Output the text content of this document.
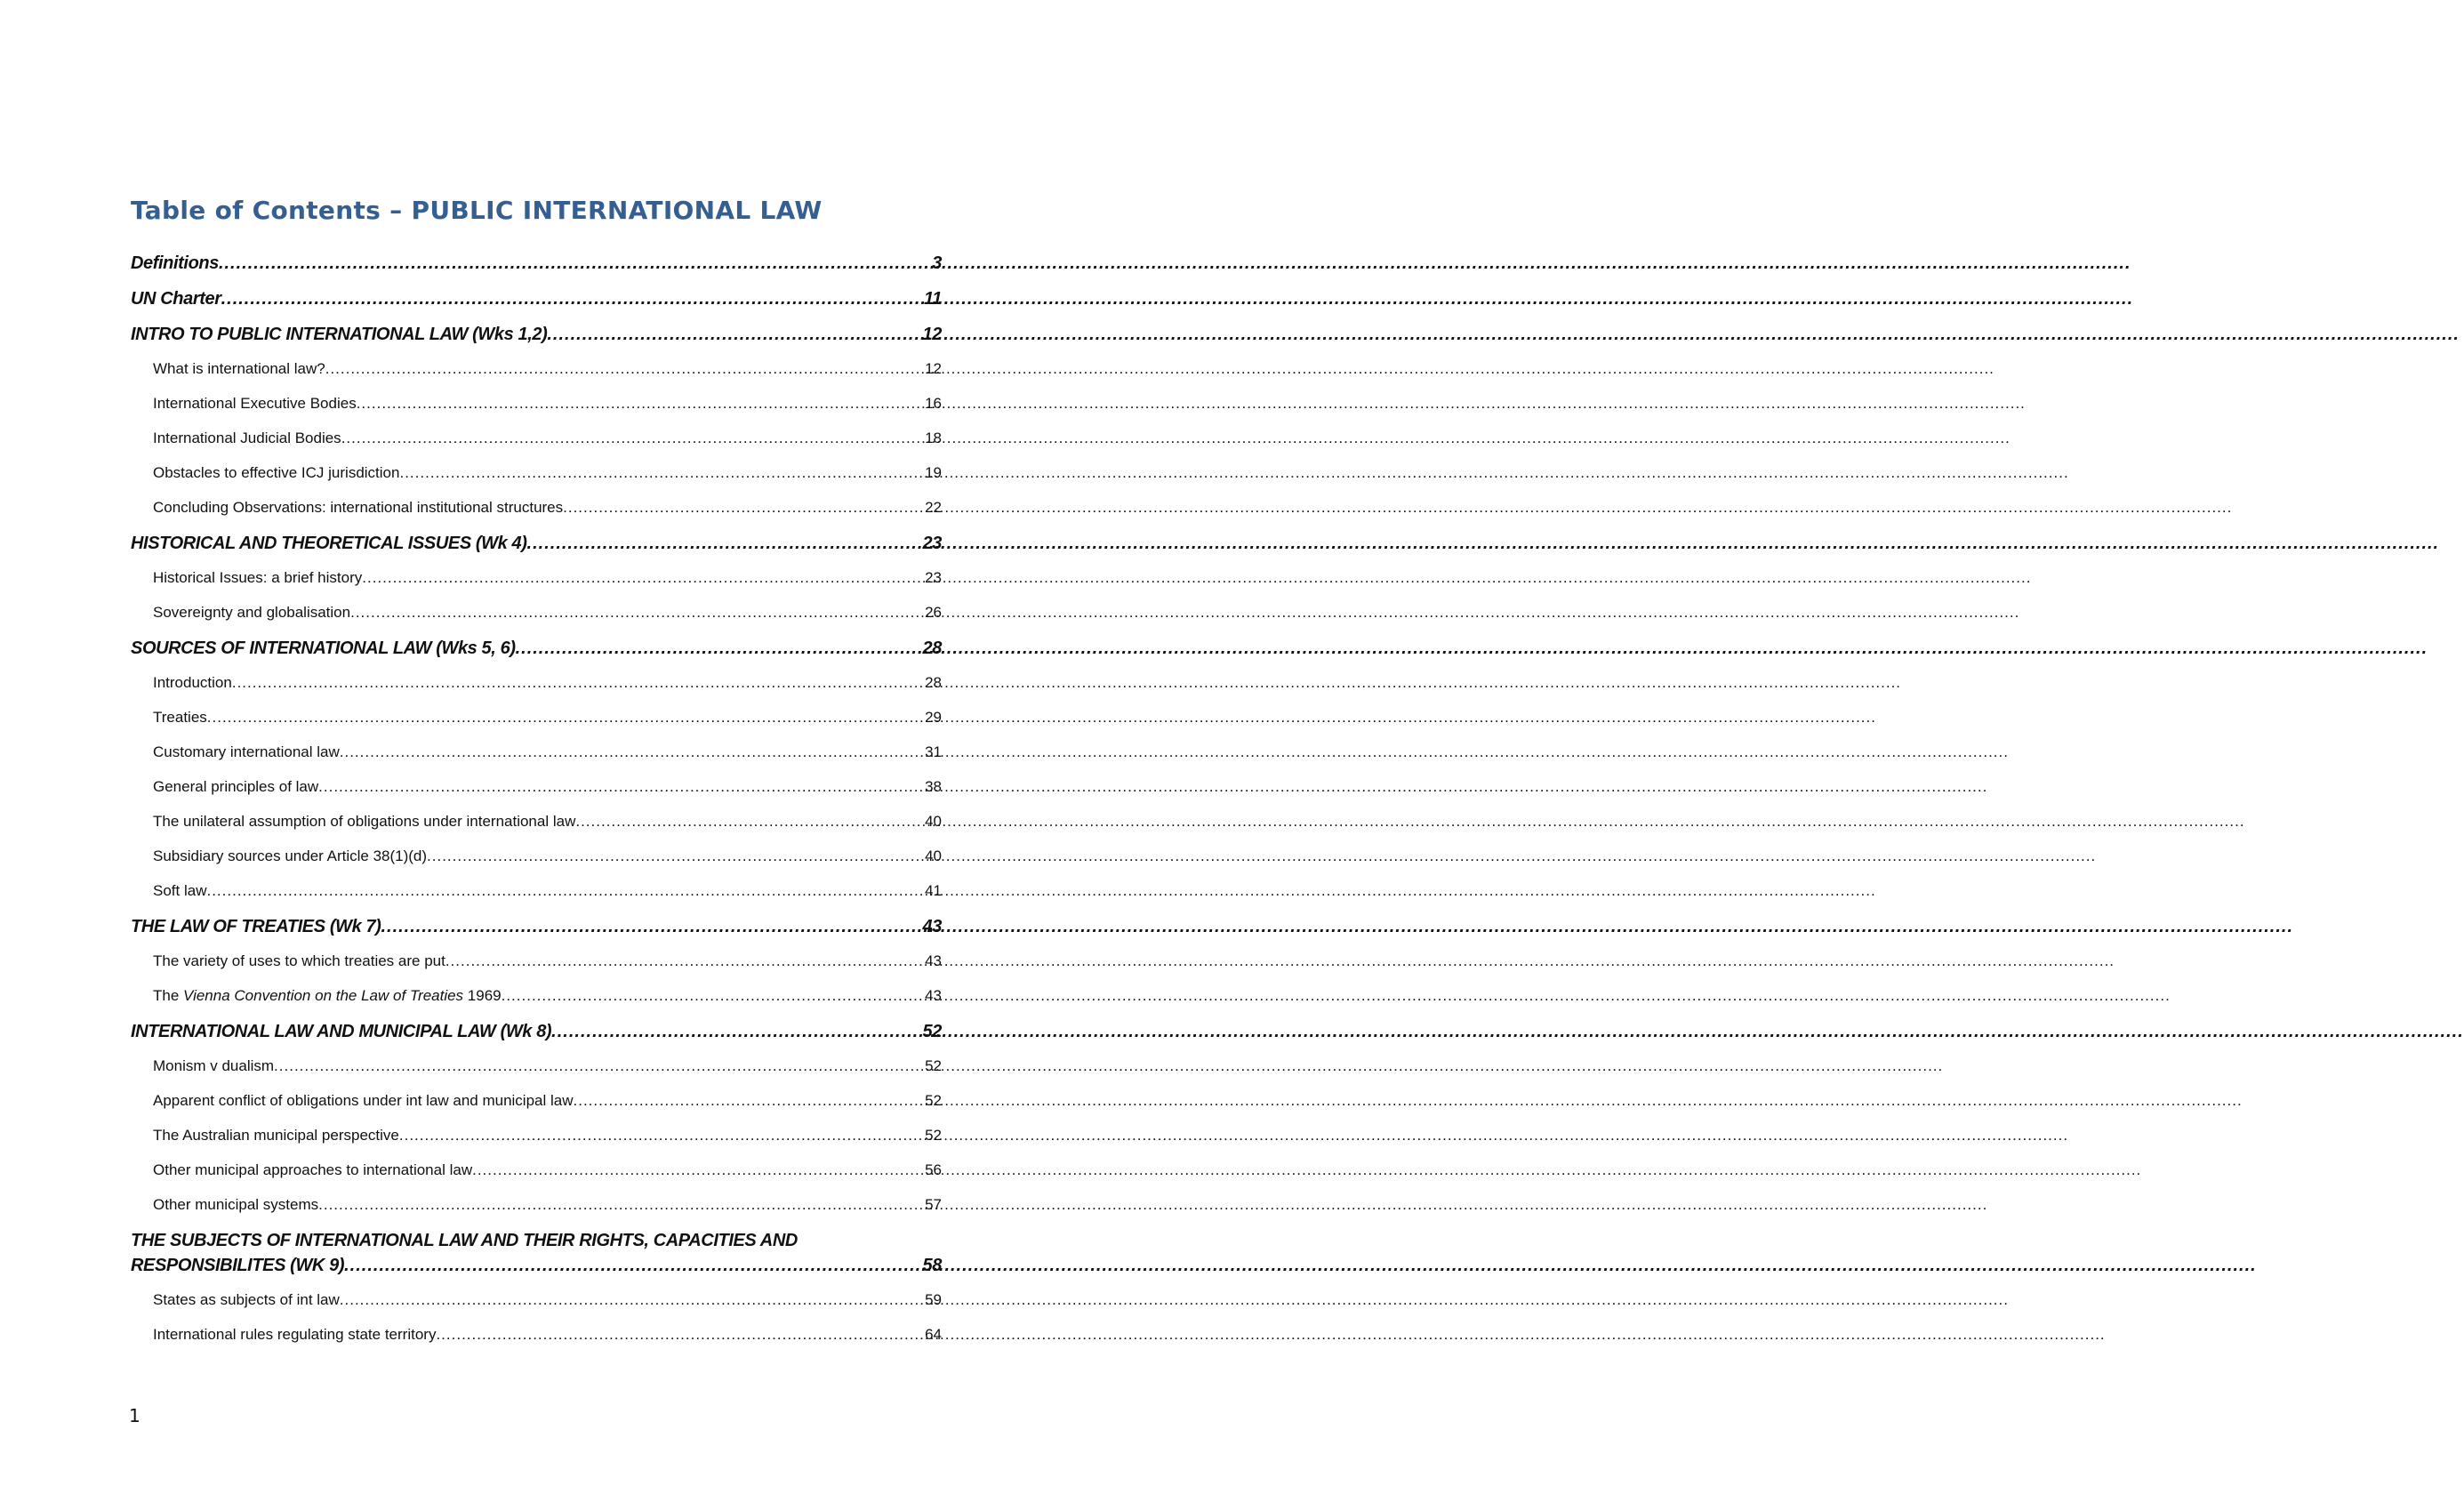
Table of Contents – PUBLIC INTERNATIONAL LAW
Definitions .....	3
UN Charter .....	11
INTRO TO PUBLIC INTERNATIONAL LAW (Wks 1,2) .....	12
What is international law? .....	12
International Executive Bodies .....	16
International Judicial Bodies .....	18
Obstacles to effective ICJ jurisdiction .....	19
Concluding Observations: international institutional structures .....	22
HISTORICAL AND THEORETICAL ISSUES (Wk 4) .....	23
Historical Issues: a brief history .....	23
Sovereignty and globalisation .....	26
SOURCES OF INTERNATIONAL LAW (Wks 5, 6) .....	28
Introduction .....	28
Treaties .....	29
Customary international law .....	31
General principles of law .....	38
The unilateral assumption of obligations under international law .....	40
Subsidiary sources under Article 38(1)(d) .....	40
Soft law .....	41
THE LAW OF TREATIES (Wk 7) .....	43
The variety of uses to which treaties are put .....	43
The Vienna Convention on the Law of Treaties 1969 .....	43
INTERNATIONAL LAW AND MUNICIPAL LAW (Wk 8) .....	52
Monism v dualism .....	52
Apparent conflict of obligations under int law and municipal law .....	52
The Australian municipal perspective .....	52
Other municipal approaches to international law .....	56
Other municipal systems .....	57
THE SUBJECTS OF INTERNATIONAL LAW AND THEIR RIGHTS, CAPACITIES AND
RESPONSIBILITES (WK 9) .....	58
States as subjects of int law .....	59
International rules regulating state territory .....	64
1
